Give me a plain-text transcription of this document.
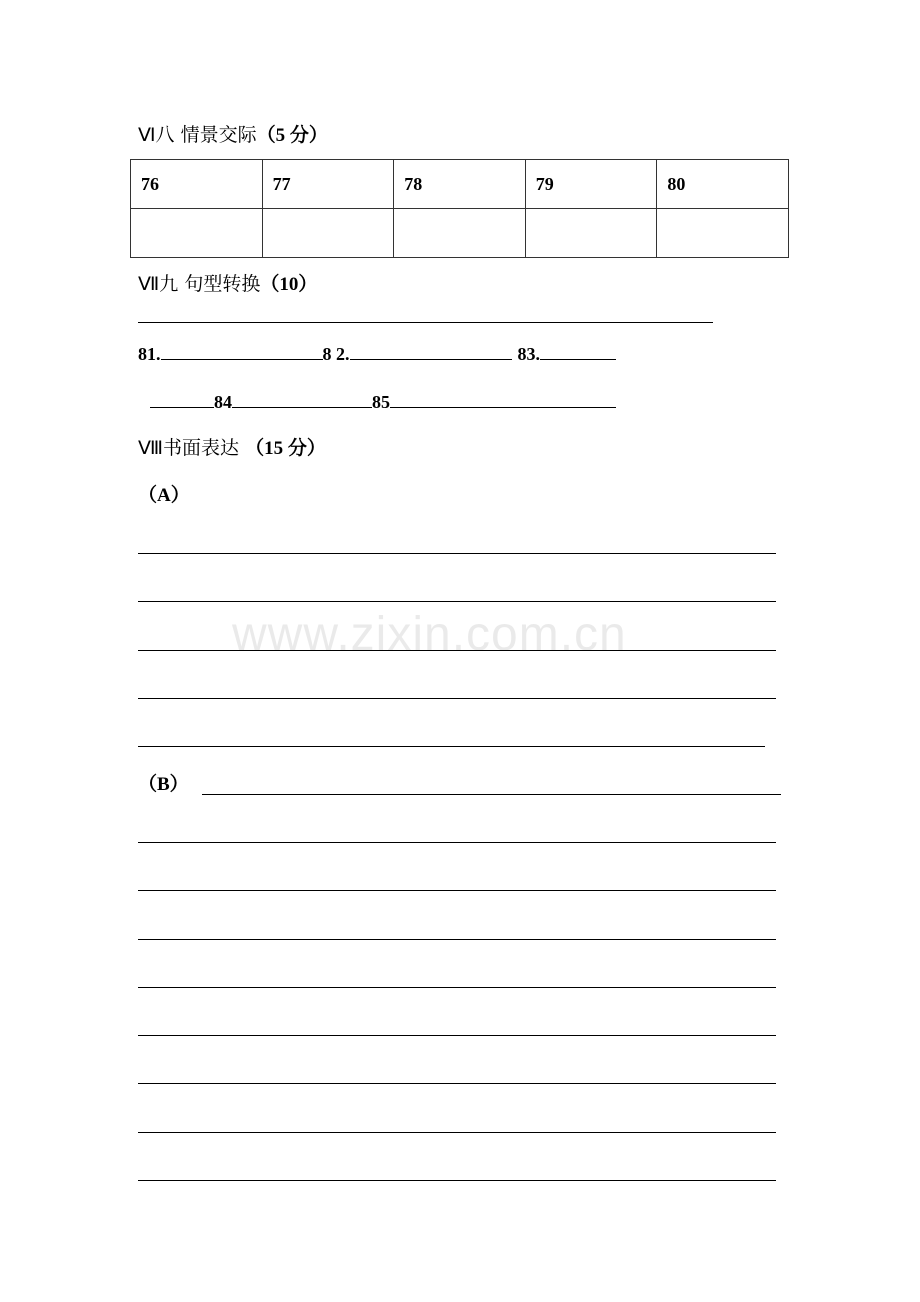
Ⅵ八 情景交际（5 分）
76	77	78	79	80

Ⅶ九 句型转换（10）
81.	8 2.	83.
84	85
Ⅷ书面表达 （15 分）
（A）
（B）
www.zixin.com.cn
